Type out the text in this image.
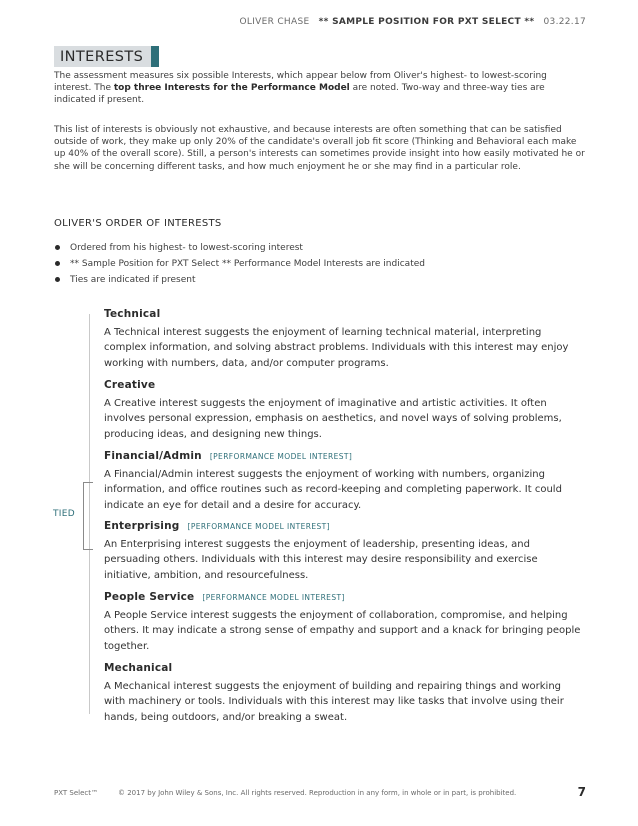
OLIVER CHASE ** SAMPLE POSITION FOR PXT SELECT ** 03.22.17
INTERESTS

The assessment measures six possible Interests, which appear below from Oliver's highest- to lowest-scoring interest. The top three Interests for the Performance Model are noted. Two-way and three-way ties are indicated if present.

This list of interests is obviously not exhaustive, and because interests are often something that can be satisfied outside of work, they make up only 20% of the candidate's overall job fit score (Thinking and Behavioral each make up 40% of the overall score). Still, a person's interests can sometimes provide insight into how easily motivated he or she will be concerning different tasks, and how much enjoyment he or she may find in a particular role.

OLIVER'S ORDER OF INTERESTS
Ordered from his highest- to lowest-scoring interest
** Sample Position for PXT Select ** Performance Model Interests are indicated
Ties are indicated if present
TIED
Technical
A Technical interest suggests the enjoyment of learning technical material, interpreting complex information, and solving abstract problems. Individuals with this interest may enjoy working with numbers, data, and/or computer programs.
Creative
A Creative interest suggests the enjoyment of imaginative and artistic activities. It often involves personal expression, emphasis on aesthetics, and novel ways of solving problems, producing ideas, and designing new things.
Financial/Admin [PERFORMANCE MODEL INTEREST]
A Financial/Admin interest suggests the enjoyment of working with numbers, organizing information, and office routines such as record-keeping and completing paperwork. It could indicate an eye for detail and a desire for accuracy.
Enterprising [PERFORMANCE MODEL INTEREST]
An Enterprising interest suggests the enjoyment of leadership, presenting ideas, and persuading others. Individuals with this interest may desire responsibility and exercise initiative, ambition, and resourcefulness.
People Service [PERFORMANCE MODEL INTEREST]
A People Service interest suggests the enjoyment of collaboration, compromise, and helping others. It may indicate a strong sense of empathy and support and a knack for bringing people together.
Mechanical
A Mechanical interest suggests the enjoyment of building and repairing things and working with machinery or tools. Individuals with this interest may like tasks that involve using their hands, being outdoors, and/or breaking a sweat.
PXT Select™	© 2017 by John Wiley & Sons, Inc. All rights reserved. Reproduction in any form, in whole or in part, is prohibited.	7
